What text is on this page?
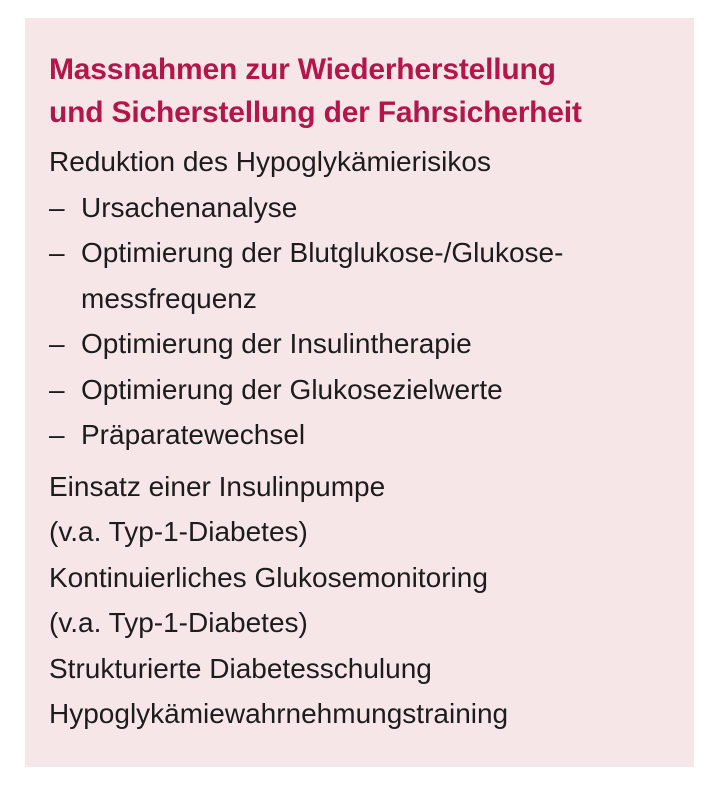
Massnahmen zur Wiederherstellung
und Sicherstellung der Fahrsicherheit
Reduktion des Hypoglykämierisikos
– Ursachenanalyse
– Optimierung der Blutglukose-/Glukose-
messfrequenz
– Optimierung der Insulintherapie
– Optimierung der Glukosezielwerte
– Präparatewechsel
Einsatz einer Insulinpumpe
(v.a. Typ-1-Diabetes)
Kontinuierliches Glukosemonitoring
(v.a. Typ-1-Diabetes)
Strukturierte Diabetesschulung
Hypoglykämiewahrnehmungstraining
